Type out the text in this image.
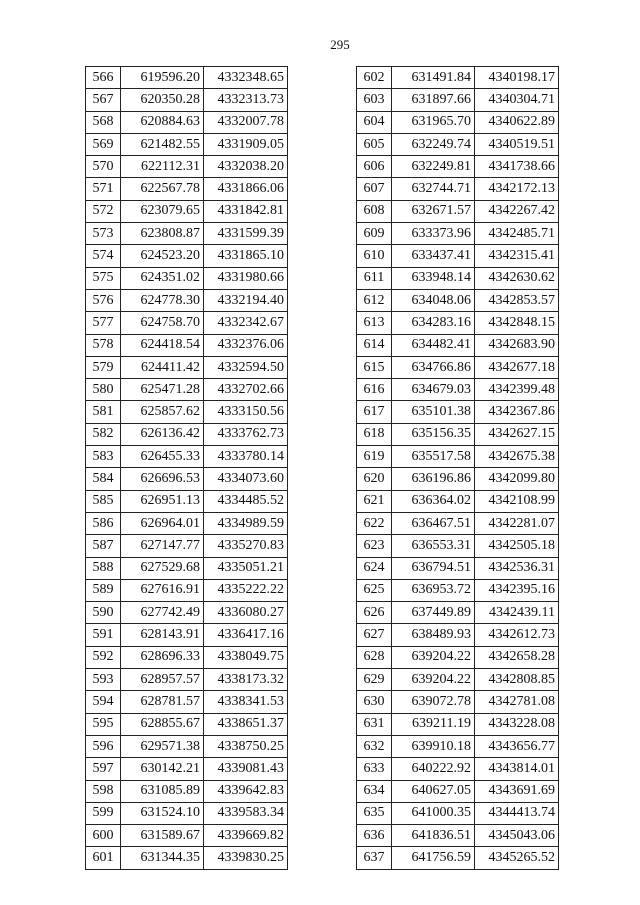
295
566	619596.20	4332348.65
567	620350.28	4332313.73
568	620884.63	4332007.78
569	621482.55	4331909.05
570	622112.31	4332038.20
571	622567.78	4331866.06
572	623079.65	4331842.81
573	623808.87	4331599.39
574	624523.20	4331865.10
575	624351.02	4331980.66
576	624778.30	4332194.40
577	624758.70	4332342.67
578	624418.54	4332376.06
579	624411.42	4332594.50
580	625471.28	4332702.66
581	625857.62	4333150.56
582	626136.42	4333762.73
583	626455.33	4333780.14
584	626696.53	4334073.60
585	626951.13	4334485.52
586	626964.01	4334989.59
587	627147.77	4335270.83
588	627529.68	4335051.21
589	627616.91	4335222.22
590	627742.49	4336080.27
591	628143.91	4336417.16
592	628696.33	4338049.75
593	628957.57	4338173.32
594	628781.57	4338341.53
595	628855.67	4338651.37
596	629571.38	4338750.25
597	630142.21	4339081.43
598	631085.89	4339642.83
599	631524.10	4339583.34
600	631589.67	4339669.82
601	631344.35	4339830.25
602	631491.84	4340198.17
603	631897.66	4340304.71
604	631965.70	4340622.89
605	632249.74	4340519.51
606	632249.81	4341738.66
607	632744.71	4342172.13
608	632671.57	4342267.42
609	633373.96	4342485.71
610	633437.41	4342315.41
611	633948.14	4342630.62
612	634048.06	4342853.57
613	634283.16	4342848.15
614	634482.41	4342683.90
615	634766.86	4342677.18
616	634679.03	4342399.48
617	635101.38	4342367.86
618	635156.35	4342627.15
619	635517.58	4342675.38
620	636196.86	4342099.80
621	636364.02	4342108.99
622	636467.51	4342281.07
623	636553.31	4342505.18
624	636794.51	4342536.31
625	636953.72	4342395.16
626	637449.89	4342439.11
627	638489.93	4342612.73
628	639204.22	4342658.28
629	639204.22	4342808.85
630	639072.78	4342781.08
631	639211.19	4343228.08
632	639910.18	4343656.77
633	640222.92	4343814.01
634	640627.05	4343691.69
635	641000.35	4344413.74
636	641836.51	4345043.06
637	641756.59	4345265.52
